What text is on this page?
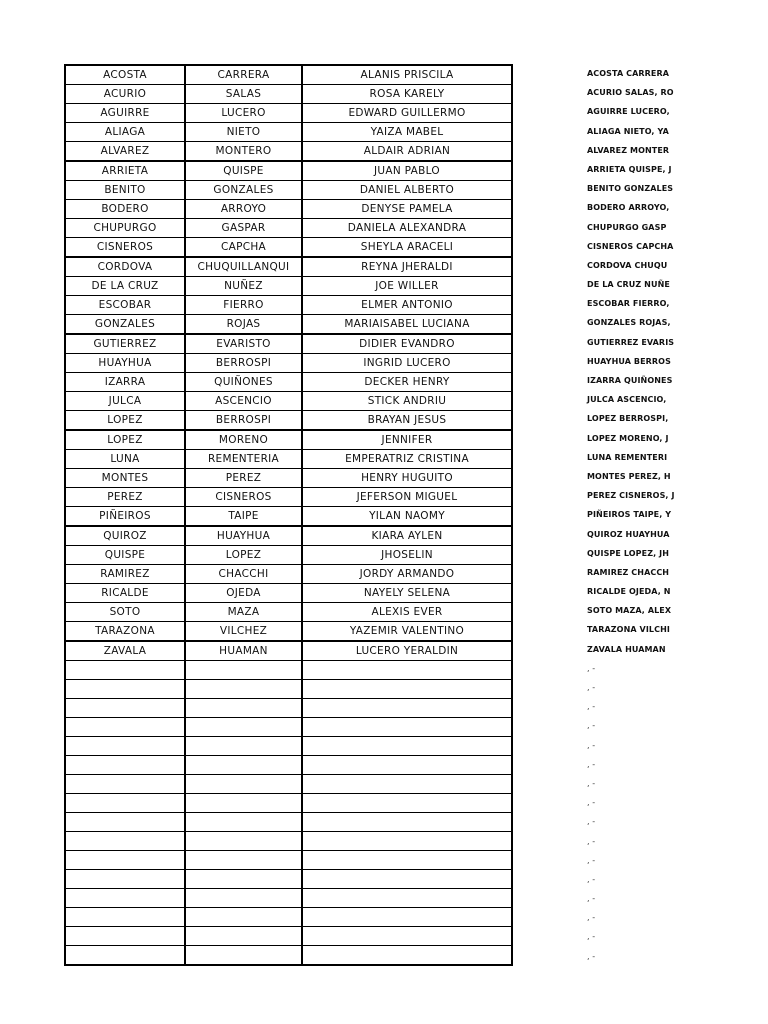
ACOSTA	CARRERA	ALANIS PRISCILA
ACURIO	SALAS	ROSA KARELY
AGUIRRE	LUCERO	EDWARD GUILLERMO
ALIAGA	NIETO	YAIZA MABEL
ALVAREZ	MONTERO	ALDAIR ADRIAN
ARRIETA	QUISPE	JUAN PABLO
BENITO	GONZALES	DANIEL ALBERTO
BODERO	ARROYO	DENYSE PAMELA
CHUPURGO	GASPAR	DANIELA ALEXANDRA
CISNEROS	CAPCHA	SHEYLA ARACELI
CORDOVA	CHUQUILLANQUI	REYNA JHERALDI
DE LA CRUZ	NUÑEZ	JOE WILLER
ESCOBAR	FIERRO	ELMER ANTONIO
GONZALES	ROJAS	MARIAISABEL LUCIANA
GUTIERREZ	EVARISTO	DIDIER EVANDRO
HUAYHUA	BERROSPI	INGRID LUCERO
IZARRA	QUIÑONES	DECKER HENRY
JULCA	ASCENCIO	STICK ANDRIU
LOPEZ	BERROSPI	BRAYAN JESUS
LOPEZ	MORENO	JENNIFER
LUNA	REMENTERIA	EMPERATRIZ CRISTINA
MONTES	PEREZ	HENRY HUGUITO
PEREZ	CISNEROS	JEFERSON MIGUEL
PIÑEIROS	TAIPE	YILAN NAOMY
QUIROZ	HUAYHUA	KIARA AYLEN
QUISPE	LOPEZ	JHOSELIN
RAMIREZ	CHACCHI	JORDY ARMANDO
RICALDE	OJEDA	NAYELY SELENA
SOTO	MAZA	ALEXIS EVER
TARAZONA	VILCHEZ	YAZEMIR VALENTINO
ZAVALA	HUAMAN	LUCERO YERALDIN

ACOSTA CARRERA
ACURIO SALAS, RO
AGUIRRE LUCERO,
ALIAGA NIETO, YA
ALVAREZ MONTER
ARRIETA QUISPE, J
BENITO GONZALES
BODERO ARROYO,
CHUPURGO GASP
CISNEROS CAPCHA
CORDOVA CHUQU
DE LA CRUZ NUÑE
ESCOBAR FIERRO,
GONZALES ROJAS,
GUTIERREZ EVARIS
HUAYHUA BERROS
IZARRA QUIÑONES
JULCA ASCENCIO,
LOPEZ BERROSPI,
LOPEZ MORENO, J
LUNA REMENTERI
MONTES PEREZ, H
PEREZ CISNEROS, J
PIÑEIROS TAIPE, Y
QUIROZ HUAYHUA
QUISPE LOPEZ, JH
RAMIREZ CHACCH
RICALDE OJEDA, N
SOTO MAZA, ALEX
TARAZONA VILCHI
ZAVALA HUAMAN
, -
, -
, -
, -
, -
, -
, -
, -
, -
, -
, -
, -
, -
, -
, -
, -
